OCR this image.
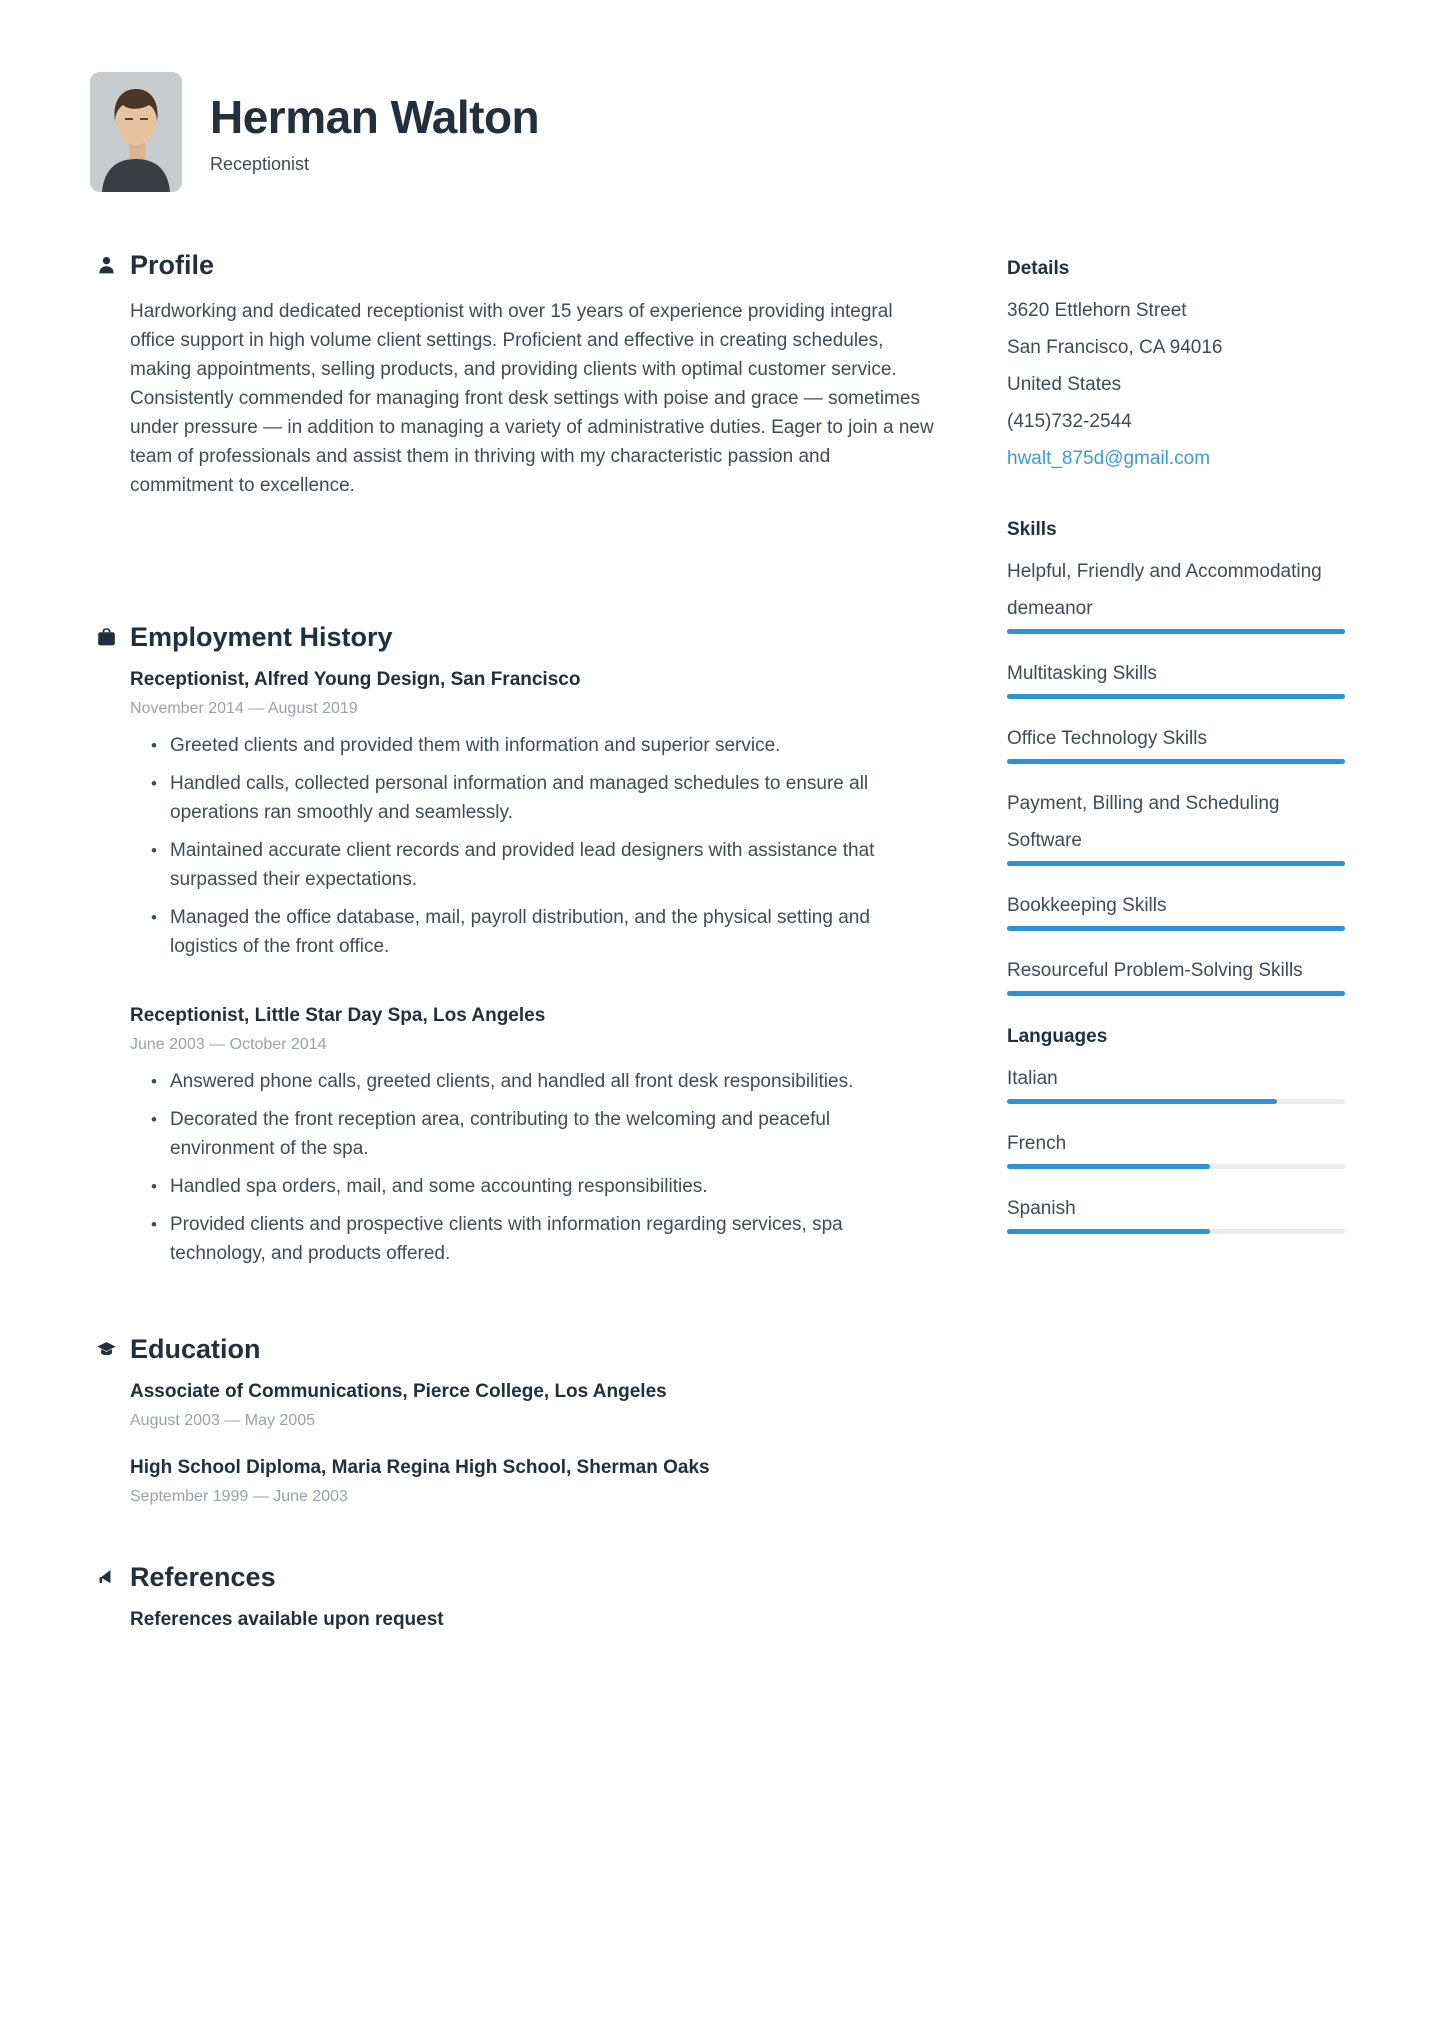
Herman Walton
Receptionist
Profile

Hardworking and dedicated receptionist with over 15 years of experience providing integral office support in high volume client settings. Proficient and effective in creating schedules, making appointments, selling products, and providing clients with optimal customer service. Consistently commended for managing front desk settings with poise and grace — sometimes under pressure — in addition to managing a variety of administrative duties. Eager to join a new team of professionals and assist them in thriving with my characteristic passion and commitment to excellence.

Employment History
Receptionist, Alfred Young Design, San Francisco
November 2014 — August 2019
• Greeted clients and provided them with information and superior service.
• Handled calls, collected personal information and managed schedules to ensure all operations ran smoothly and seamlessly.
• Maintained accurate client records and provided lead designers with assistance that surpassed their expectations.
• Managed the office database, mail, payroll distribution, and the physical setting and logistics of the front office.
Receptionist, Little Star Day Spa, Los Angeles
June 2003 — October 2014
• Answered phone calls, greeted clients, and handled all front desk responsibilities.
• Decorated the front reception area, contributing to the welcoming and peaceful environment of the spa.
• Handled spa orders, mail, and some accounting responsibilities.
• Provided clients and prospective clients with information regarding services, spa technology, and products offered.
Education
Associate of Communications, Pierce College, Los Angeles
August 2003 — May 2005
High School Diploma, Maria Regina High School, Sherman Oaks
September 1999 — June 2003
References
References available upon request
Details
3620 Ettlehorn Street
San Francisco, CA 94016
United States
(415)732-2544
hwalt_875d@gmail.com
Skills
Helpful, Friendly and Accommodating demeanor
Multitasking Skills
Office Technology Skills
Payment, Billing and Scheduling Software
Bookkeeping Skills
Resourceful Problem-Solving Skills
Languages
Italian
French
Spanish
